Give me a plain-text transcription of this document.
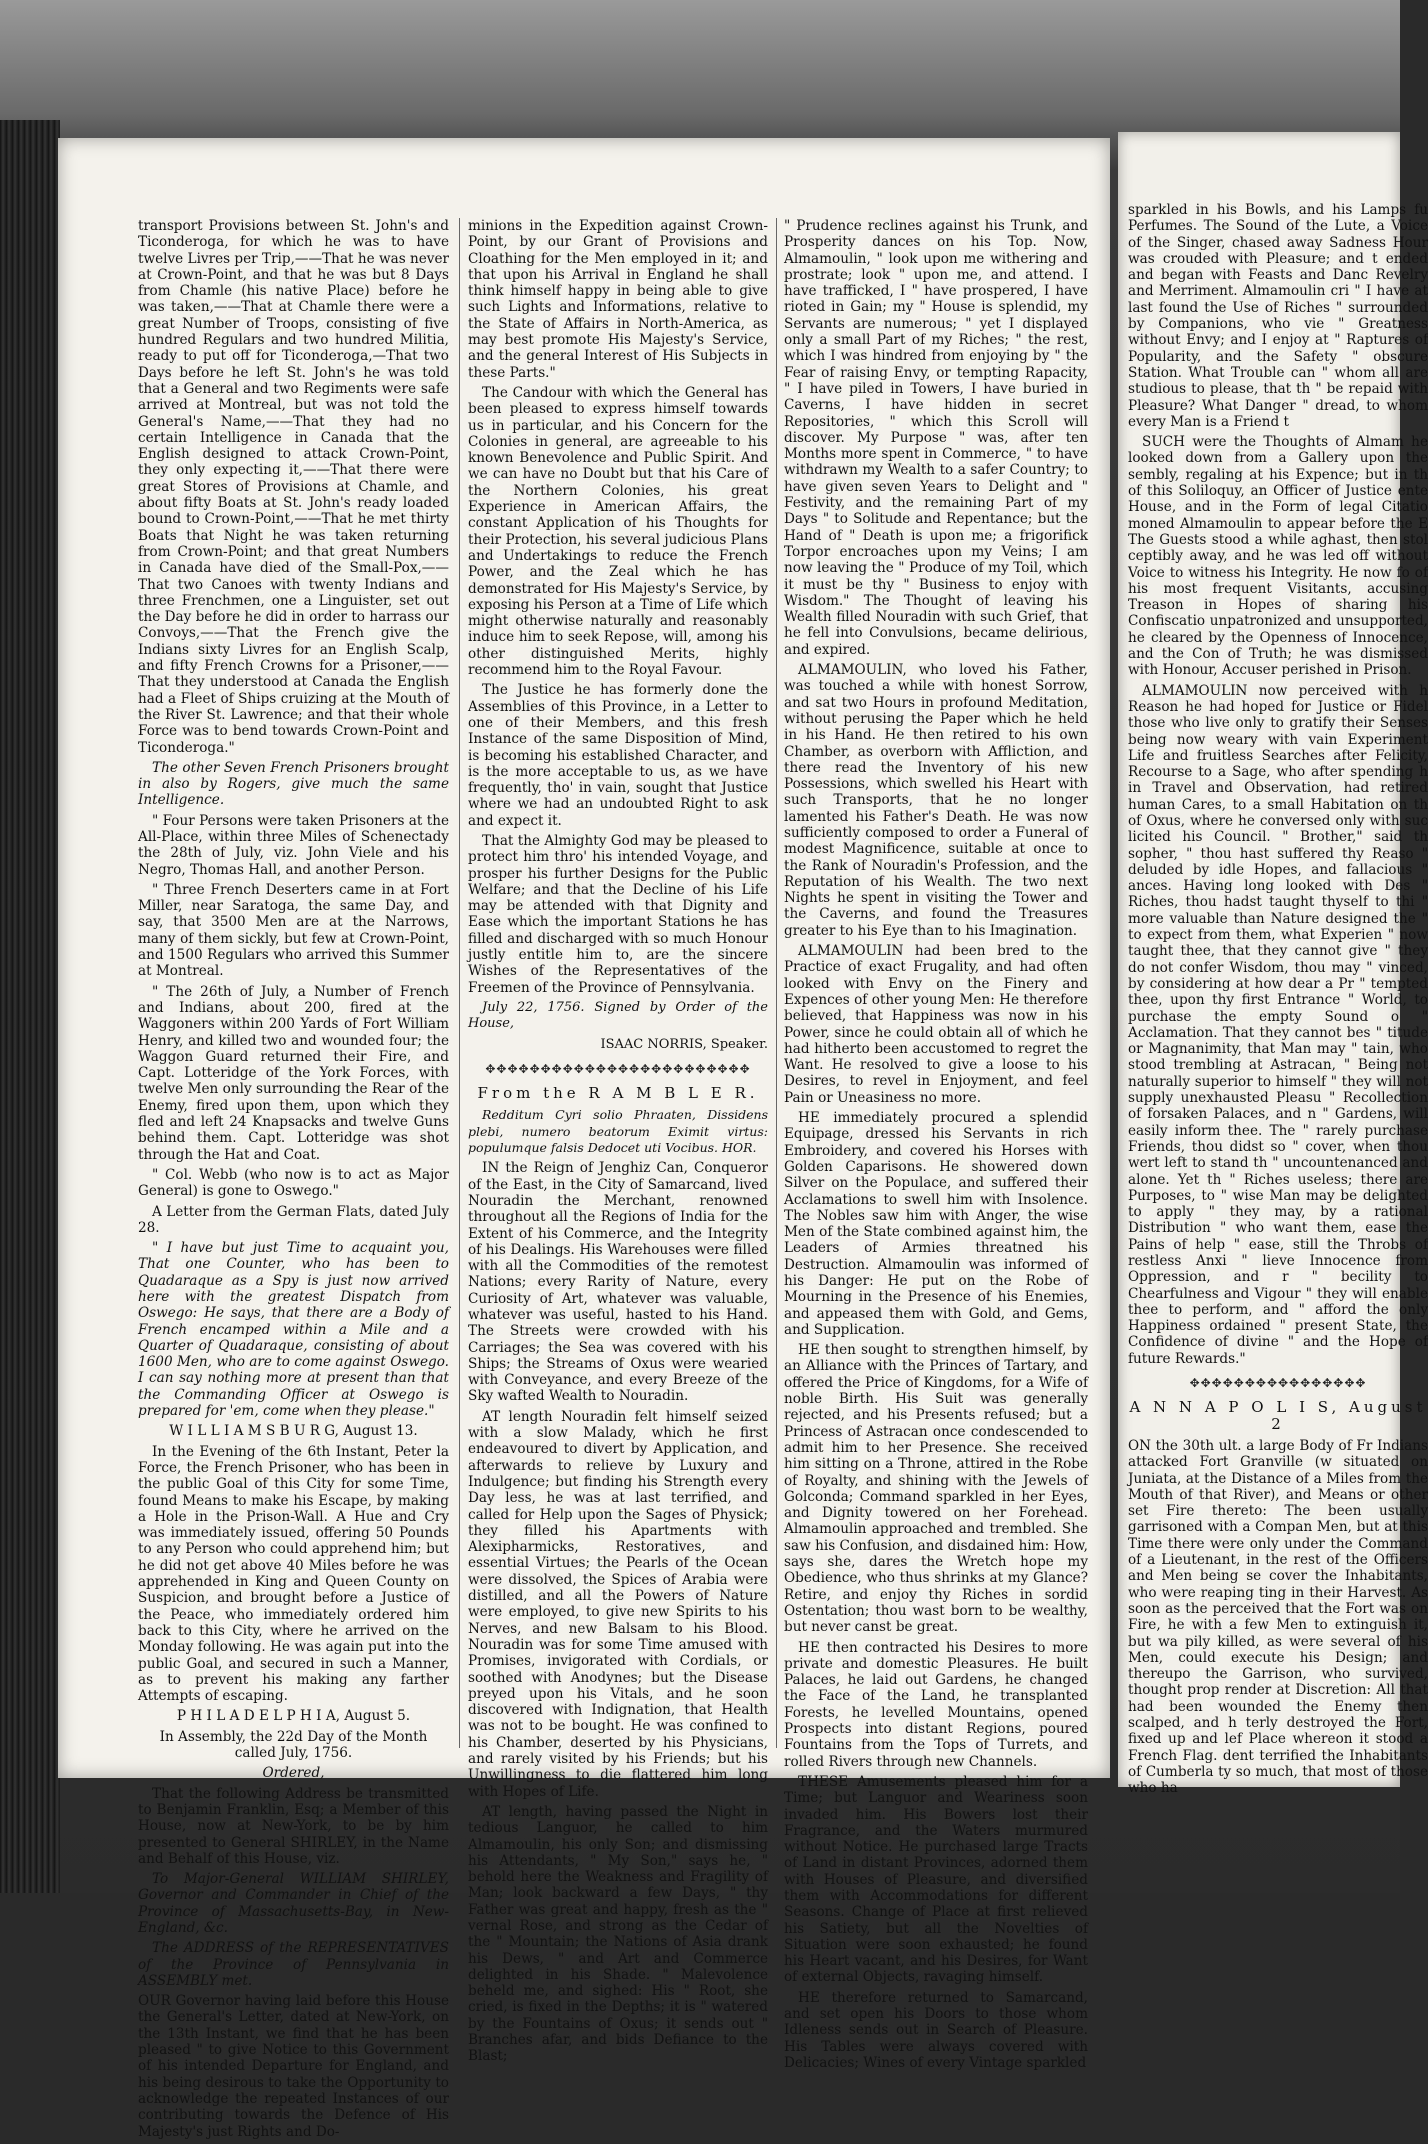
transport Provisions between St. John's and Ticonderoga, for which he was to have twelve Livres per Trip,——That he was never at Crown-Point, and that he was but 8 Days from Chamle (his native Place) before he was taken,——That at Chamle there were a great Number of Troops, consisting of five hundred Regulars and two hundred Militia, ready to put off for Ticonderoga,—That two Days before he left St. John's he was told that a General and two Regiments were safe arrived at Montreal, but was not told the General's Name,——That they had no certain Intelligence in Canada that the English designed to attack Crown-Point, they only expecting it,——That there were great Stores of Provisions at Chamle, and about fifty Boats at St. John's ready loaded bound to Crown-Point,——That he met thirty Boats that Night he was taken returning from Crown-Point; and that great Numbers in Canada have died of the Small-Pox,——That two Canoes with twenty Indians and three Frenchmen, one a Linguister, set out the Day before he did in order to harrass our Convoys,——That the French give the Indians sixty Livres for an English Scalp, and fifty French Crowns for a Prisoner,——That they understood at Canada the English had a Fleet of Ships cruizing at the Mouth of the River St. Lawrence; and that their whole Force was to bend towards Crown-Point and Ticonderoga."

The other Seven French Prisoners brought in also by Rogers, give much the same Intelligence.

" Four Persons were taken Prisoners at the All-Place, within three Miles of Schenectady the 28th of July, viz. John Viele and his Negro, Thomas Hall, and another Person.

" Three French Deserters came in at Fort Miller, near Saratoga, the same Day, and say, that 3500 Men are at the Narrows, many of them sickly, but few at Crown-Point, and 1500 Regulars who arrived this Summer at Montreal.

" The 26th of July, a Number of French and Indians, about 200, fired at the Waggoners within 200 Yards of Fort William Henry, and killed two and wounded four; the Waggon Guard returned their Fire, and Capt. Lotteridge of the York Forces, with twelve Men only surrounding the Rear of the Enemy, fired upon them, upon which they fled and left 24 Knapsacks and twelve Guns behind them. Capt. Lotteridge was shot through the Hat and Coat.

" Col. Webb (who now is to act as Major General) is gone to Oswego."

A Letter from the German Flats, dated July 28.

" I have but just Time to acquaint you, That one Counter, who has been to Quadaraque as a Spy is just now arrived here with the greatest Dispatch from Oswego: He says, that there are a Body of French encamped within a Mile and a Quarter of Quadaraque, consisting of about 1600 Men, who are to come against Oswego. I can say nothing more at present than that the Commanding Officer at Oswego is prepared for 'em, come when they please."

W I L L I A M S B U R G, August 13.

In the Evening of the 6th Instant, Peter la Force, the French Prisoner, who has been in the public Goal of this City for some Time, found Means to make his Escape, by making a Hole in the Prison-Wall. A Hue and Cry was immediately issued, offering 50 Pounds to any Person who could apprehend him; but he did not get above 40 Miles before he was apprehended in King and Queen County on Suspicion, and brought before a Justice of the Peace, who immediately ordered him back to this City, where he arrived on the Monday following. He was again put into the public Goal, and secured in such a Manner, as to prevent his making any farther Attempts of escaping.

P H I L A D E L P H I A, August 5.

In Assembly, the 22d Day of the Month called July, 1756.

Ordered,

That the following Address be transmitted to Benjamin Franklin, Esq; a Member of this House, now at New-York, to be by him presented to General SHIRLEY, in the Name and Behalf of this House, viz.

To Major-General WILLIAM SHIRLEY, Governor and Commander in Chief of the Province of Massachusetts-Bay, in New-England, &c.

The ADDRESS of the REPRESENTATIVES of the Province of Pennsylvania in ASSEMBLY met.

OUR Governor having laid before this House the General's Letter, dated at New-York, on the 13th Instant, we find that he has been pleased " to give Notice to this Government of his intended Departure for England, and his being desirous to take the Opportunity to acknowledge the repeated Instances of our contributing towards the Defence of His Majesty's just Rights and Do-

minions in the Expedition against Crown-Point, by our Grant of Provisions and Cloathing for the Men employed in it; and that upon his Arrival in England he shall think himself happy in being able to give such Lights and Informations, relative to the State of Affairs in North-America, as may best promote His Majesty's Service, and the general Interest of His Subjects in these Parts."

The Candour with which the General has been pleased to express himself towards us in particular, and his Concern for the Colonies in general, are agreeable to his known Benevolence and Public Spirit. And we can have no Doubt but that his Care of the Northern Colonies, his great Experience in American Affairs, the constant Application of his Thoughts for their Protection, his several judicious Plans and Undertakings to reduce the French Power, and the Zeal which he has demonstrated for His Majesty's Service, by exposing his Person at a Time of Life which might otherwise naturally and reasonably induce him to seek Repose, will, among his other distinguished Merits, highly recommend him to the Royal Favour.

The Justice he has formerly done the Assemblies of this Province, in a Letter to one of their Members, and this fresh Instance of the same Disposition of Mind, is becoming his established Character, and is the more acceptable to us, as we have frequently, tho' in vain, sought that Justice where we had an undoubted Right to ask and expect it.

That the Almighty God may be pleased to protect him thro' his intended Voyage, and prosper his further Designs for the Public Welfare; and that the Decline of his Life may be attended with that Dignity and Ease which the important Stations he has filled and discharged with so much Honour justly entitle him to, are the sincere Wishes of the Representatives of the Freemen of the Province of Pennsylvania.

July 22, 1756. Signed by Order of the House,

ISAAC NORRIS, Speaker.

✥✥✥✥✥✥✥✥✥✥✥✥✥✥✥✥✥✥✥✥✥✥✥✥
From the R A M B L E R.

Redditum Cyri solio Phraaten, Dissidens plebi, numero beatorum Eximit virtus: populumque falsis Dedocet uti Vocibus. HOR.

IN the Reign of Jenghiz Can, Conqueror of the East, in the City of Samarcand, lived Nouradin the Merchant, renowned throughout all the Regions of India for the Extent of his Commerce, and the Integrity of his Dealings. His Warehouses were filled with all the Commodities of the remotest Nations; every Rarity of Nature, every Curiosity of Art, whatever was valuable, whatever was useful, hasted to his Hand. The Streets were crowded with his Carriages; the Sea was covered with his Ships; the Streams of Oxus were wearied with Conveyance, and every Breeze of the Sky wafted Wealth to Nouradin.

AT length Nouradin felt himself seized with a slow Malady, which he first endeavoured to divert by Application, and afterwards to relieve by Luxury and Indulgence; but finding his Strength every Day less, he was at last terrified, and called for Help upon the Sages of Physick; they filled his Apartments with Alexipharmicks, Restoratives, and essential Virtues; the Pearls of the Ocean were dissolved, the Spices of Arabia were distilled, and all the Powers of Nature were employed, to give new Spirits to his Nerves, and new Balsam to his Blood. Nouradin was for some Time amused with Promises, invigorated with Cordials, or soothed with Anodynes; but the Disease preyed upon his Vitals, and he soon discovered with Indignation, that Health was not to be bought. He was confined to his Chamber, deserted by his Physicians, and rarely visited by his Friends; but his Unwillingness to die flattered him long with Hopes of Life.

AT length, having passed the Night in tedious Languor, he called to him Almamoulin, his only Son; and dismissing his Attendants, " My Son," says he, " behold here the Weakness and Fragility of Man; look backward a few Days, " thy Father was great and happy, fresh as the " vernal Rose, and strong as the Cedar of the " Mountain; the Nations of Asia drank his Dews, " and Art and Commerce delighted in his Shade. " Malevolence beheld me, and sighed: His " Root, she cried, is fixed in the Depths; it is " watered by the Fountains of Oxus; it sends out " Branches afar, and bids Defiance to the Blast;

" Prudence reclines against his Trunk, and Prosperity dances on his Top. Now, Almamoulin, " look upon me withering and prostrate; look " upon me, and attend. I have trafficked, I " have prospered, I have rioted in Gain; my " House is splendid, my Servants are numerous; " yet I displayed only a small Part of my Riches; " the rest, which I was hindred from enjoying by " the Fear of raising Envy, or tempting Rapacity, " I have piled in Towers, I have buried in Caverns, I have hidden in secret Repositories, " which this Scroll will discover. My Purpose " was, after ten Months more spent in Commerce, " to have withdrawn my Wealth to a safer Country; to have given seven Years to Delight and " Festivity, and the remaining Part of my Days " to Solitude and Repentance; but the Hand of " Death is upon me; a frigorifick Torpor encroaches upon my Veins; I am now leaving the " Produce of my Toil, which it must be thy " Business to enjoy with Wisdom." The Thought of leaving his Wealth filled Nouradin with such Grief, that he fell into Convulsions, became delirious, and expired.

ALMAMOULIN, who loved his Father, was touched a while with honest Sorrow, and sat two Hours in profound Meditation, without perusing the Paper which he held in his Hand. He then retired to his own Chamber, as overborn with Affliction, and there read the Inventory of his new Possessions, which swelled his Heart with such Transports, that he no longer lamented his Father's Death. He was now sufficiently composed to order a Funeral of modest Magnificence, suitable at once to the Rank of Nouradin's Profession, and the Reputation of his Wealth. The two next Nights he spent in visiting the Tower and the Caverns, and found the Treasures greater to his Eye than to his Imagination.

ALMAMOULIN had been bred to the Practice of exact Frugality, and had often looked with Envy on the Finery and Expences of other young Men: He therefore believed, that Happiness was now in his Power, since he could obtain all of which he had hitherto been accustomed to regret the Want. He resolved to give a loose to his Desires, to revel in Enjoyment, and feel Pain or Uneasiness no more.

HE immediately procured a splendid Equipage, dressed his Servants in rich Embroidery, and covered his Horses with Golden Caparisons. He showered down Silver on the Populace, and suffered their Acclamations to swell him with Insolence. The Nobles saw him with Anger, the wise Men of the State combined against him, the Leaders of Armies threatned his Destruction. Almamoulin was informed of his Danger: He put on the Robe of Mourning in the Presence of his Enemies, and appeased them with Gold, and Gems, and Supplication.

HE then sought to strengthen himself, by an Alliance with the Princes of Tartary, and offered the Price of Kingdoms, for a Wife of noble Birth. His Suit was generally rejected, and his Presents refused; but a Princess of Astracan once condescended to admit him to her Presence. She received him sitting on a Throne, attired in the Robe of Royalty, and shining with the Jewels of Golconda; Command sparkled in her Eyes, and Dignity towered on her Forehead. Almamoulin approached and trembled. She saw his Confusion, and disdained him: How, says she, dares the Wretch hope my Obedience, who thus shrinks at my Glance? Retire, and enjoy thy Riches in sordid Ostentation; thou wast born to be wealthy, but never canst be great.

HE then contracted his Desires to more private and domestic Pleasures. He built Palaces, he laid out Gardens, he changed the Face of the Land, he transplanted Forests, he levelled Mountains, opened Prospects into distant Regions, poured Fountains from the Tops of Turrets, and rolled Rivers through new Channels.

THESE Amusements pleased him for a Time; but Languor and Weariness soon invaded him. His Bowers lost their Fragrance, and the Waters murmured without Notice. He purchased large Tracts of Land in distant Provinces, adorned them with Houses of Pleasure, and diversified them with Accommodations for different Seasons. Change of Place at first relieved his Satiety, but all the Novelties of Situation were soon exhausted; he found his Heart vacant, and his Desires, for Want of external Objects, ravaging himself.

HE therefore returned to Samarcand, and set open his Doors to those whom Idleness sends out in Search of Pleasure. His Tables were always covered with Delicacies; Wines of every Vintage sparkled

sparkled in his Bowls, and his Lamps fu Perfumes. The Sound of the Lute, a Voice of the Singer, chased away Sadness Hour was crouded with Pleasure; and t ended and began with Feasts and Danc Revelry and Merriment. Almamoulin cri " I have at last found the Use of Riches " surrounded by Companions, who vie " Greatness without Envy; and I enjoy at " Raptures of Popularity, and the Safety " obscure Station. What Trouble can " whom all are studious to please, that th " be repaid with Pleasure? What Danger " dread, to whom every Man is a Friend t

SUCH were the Thoughts of Almam he looked down from a Gallery upon the sembly, regaling at his Expence; but in th of this Soliloquy, an Officer of Justice ente House, and in the Form of legal Citatio moned Almamoulin to appear before the E The Guests stood a while aghast, then stol ceptibly away, and he was led off without Voice to witness his Integrity. He now fo of his most frequent Visitants, accusing Treason in Hopes of sharing his Confiscatio unpatronized and unsupported, he cleared by the Openness of Innocence, and the Con of Truth; he was dismissed with Honour, Accuser perished in Prison.

ALMAMOULIN now perceived with h Reason he had hoped for Justice or Fidel those who live only to gratify their Senses being now weary with vain Experiment Life and fruitless Searches after Felicity, Recourse to a Sage, who after spending h in Travel and Observation, had retired human Cares, to a small Habitation on th of Oxus, where he conversed only with suc licited his Council. " Brother," said th sopher, " thou hast suffered thy Reaso " deluded by idle Hopes, and fallacious " ances. Having long looked with Des " Riches, thou hadst taught thyself to thi " more valuable than Nature designed the " to expect from them, what Experien " now taught thee, that they cannot give " they do not confer Wisdom, thou may " vinced, by considering at how dear a Pr " tempted thee, upon thy first Entrance " World, to purchase the empty Sound o " Acclamation. That they cannot bes " titude or Magnanimity, that Man may " tain, who stood trembling at Astracan, " Being not naturally superior to himself " they will not supply unexhausted Pleasu " Recollection of forsaken Palaces, and n " Gardens, will easily inform thee. The " rarely purchase Friends, thou didst so " cover, when thou wert left to stand th " uncountenanced and alone. Yet th " Riches useless; there are Purposes, to " wise Man may be delighted to apply " they may, by a rational Distribution " who want them, ease the Pains of help " ease, still the Throbs of restless Anxi " lieve Innocence from Oppression, and r " becility to Chearfulness and Vigour " they will enable thee to perform, and " afford the only Happiness ordained " present State, the Confidence of divine " and the Hope of future Rewards."

✥✥✥✥✥✥✥✥✥✥✥✥✥✥✥✥
A N N A P O L I S, August 2

ON the 30th ult. a large Body of Fr Indians attacked Fort Granville (w situated on Juniata, at the Distance of a Miles from the Mouth of that River), and Means or other set Fire thereto: The been usually garrisoned with a Compan Men, but at this Time there were only under the Command of a Lieutenant, in the rest of the Officers and Men being se cover the Inhabitants, who were reaping ting in their Harvest. As soon as the perceived that the Fort was on Fire, he with a few Men to extinguish it, but wa pily killed, as were several of his Men, could execute his Design; and thereupo the Garrison, who survived, thought prop render at Discretion: All that had been wounded the Enemy then scalped, and h terly destroyed the Fort, fixed up and lef Place whereon it stood a French Flag. dent terrified the Inhabitants of Cumberla ty so much, that most of those who ha
